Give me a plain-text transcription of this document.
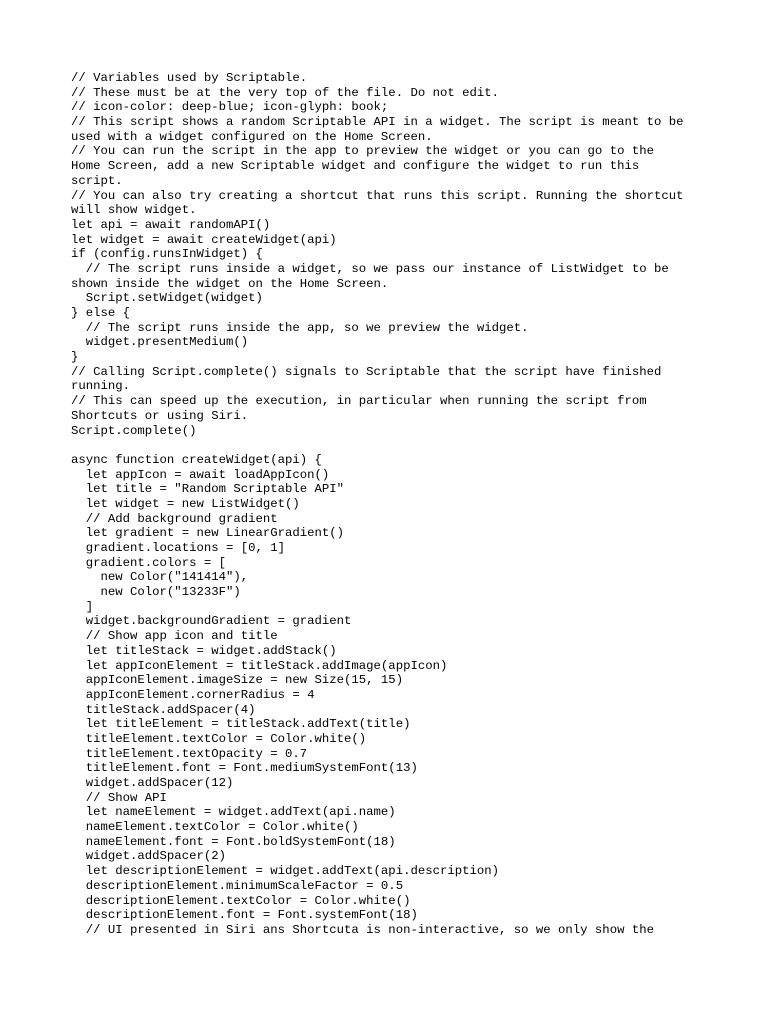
// Variables used by Scriptable.
// These must be at the very top of the file. Do not edit.
// icon-color: deep-blue; icon-glyph: book;
// This script shows a random Scriptable API in a widget. The script is meant to be
used with a widget configured on the Home Screen.
// You can run the script in the app to preview the widget or you can go to the
Home Screen, add a new Scriptable widget and configure the widget to run this
script.
// You can also try creating a shortcut that runs this script. Running the shortcut
will show widget.
let api = await randomAPI()
let widget = await createWidget(api)
if (config.runsInWidget) {
// The script runs inside a widget, so we pass our instance of ListWidget to be
shown inside the widget on the Home Screen.
Script.setWidget(widget)
} else {
// The script runs inside the app, so we preview the widget.
widget.presentMedium()
}
// Calling Script.complete() signals to Scriptable that the script have finished
running.
// This can speed up the execution, in particular when running the script from
Shortcuts or using Siri.
Script.complete()
async function createWidget(api) {
let appIcon = await loadAppIcon()
let title = "Random Scriptable API"
let widget = new ListWidget()
// Add background gradient
let gradient = new LinearGradient()
gradient.locations = [0, 1]
gradient.colors = [
new Color("141414"),
new Color("13233F")
]
widget.backgroundGradient = gradient
// Show app icon and title
let titleStack = widget.addStack()
let appIconElement = titleStack.addImage(appIcon)
appIconElement.imageSize = new Size(15, 15)
appIconElement.cornerRadius = 4
titleStack.addSpacer(4)
let titleElement = titleStack.addText(title)
titleElement.textColor = Color.white()
titleElement.textOpacity = 0.7
titleElement.font = Font.mediumSystemFont(13)
widget.addSpacer(12)
// Show API
let nameElement = widget.addText(api.name)
nameElement.textColor = Color.white()
nameElement.font = Font.boldSystemFont(18)
widget.addSpacer(2)
let descriptionElement = widget.addText(api.description)
descriptionElement.minimumScaleFactor = 0.5
descriptionElement.textColor = Color.white()
descriptionElement.font = Font.systemFont(18)
// UI presented in Siri ans Shortcuta is non-interactive, so we only show the
